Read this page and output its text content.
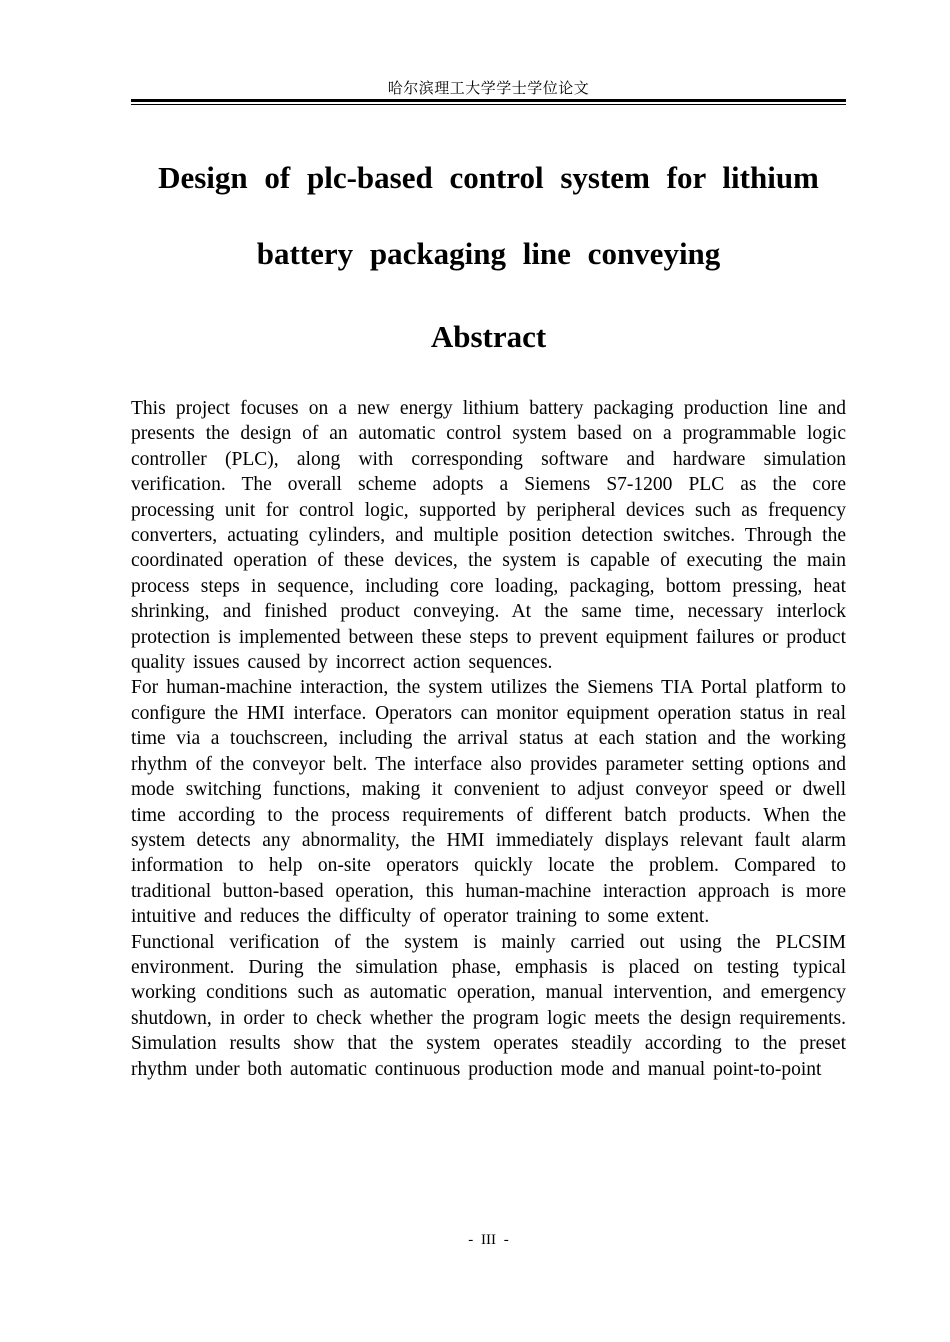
哈尔滨理工大学学士学位论文
Design of plc-based control system for lithium
battery packaging line conveying
Abstract

This project focuses on a new energy lithium battery packaging production line and presents the design of an automatic control system based on a programmable logic controller (PLC), along with corresponding software and hardware simulation verification. The overall scheme adopts a Siemens S7-1200 PLC as the core processing unit for control logic, supported by peripheral devices such as frequency converters, actuating cylinders, and multiple position detection switches. Through the coordinated operation of these devices, the system is capable of executing the main process steps in sequence, including core loading, packaging, bottom pressing, heat shrinking, and finished product conveying. At the same time, necessary interlock protection is implemented between these steps to prevent equipment failures or product quality issues caused by incorrect action sequences.

For human-machine interaction, the system utilizes the Siemens TIA Portal platform to configure the HMI interface. Operators can monitor equipment operation status in real time via a touchscreen, including the arrival status at each station and the working rhythm of the conveyor belt. The interface also provides parameter setting options and mode switching functions, making it convenient to adjust conveyor speed or dwell time according to the process requirements of different batch products. When the system detects any abnormality, the HMI immediately displays relevant fault alarm information to help on-site operators quickly locate the problem. Compared to traditional button-based operation, this human-machine interaction approach is more intuitive and reduces the difficulty of operator training to some extent.

Functional verification of the system is mainly carried out using the PLCSIM environment. During the simulation phase, emphasis is placed on testing typical working conditions such as automatic operation, manual intervention, and emergency shutdown, in order to check whether the program logic meets the design requirements. Simulation results show that the system operates steadily according to the preset rhythm under both automatic continuous production mode and manual point-to-point

- III -
